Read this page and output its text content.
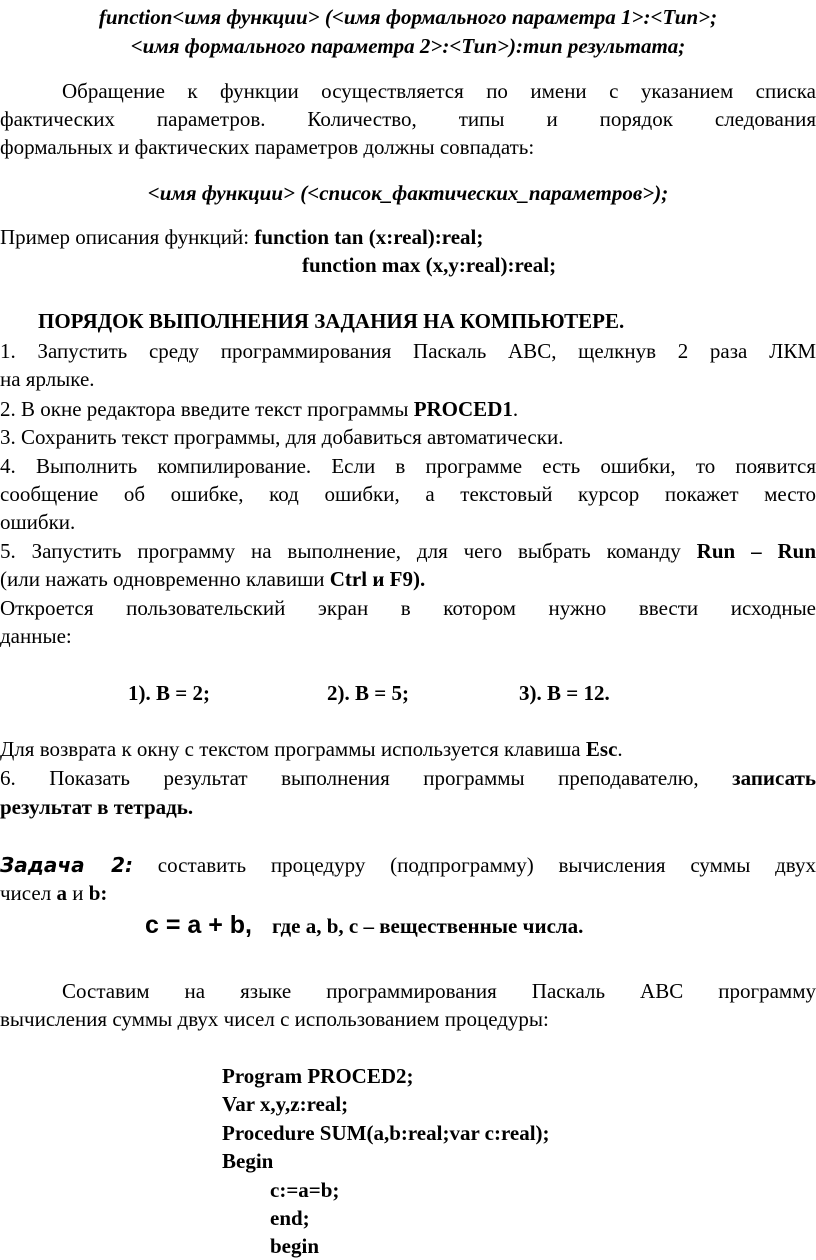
function<имя функции> (<имя формального параметра 1>:<Тип>;
<имя формального параметра 2>:<Тип>):тип результата;
Обращение к функции осуществляется по имени с указанием списка
фактических параметров. Количество, типы и порядок следования
формальных и фактических параметров должны совпадать:
<имя функции> (<список_фактических_параметров>);
Пример описания функций: function tan (x:real):real;
function max (x,y:real):real;
ПОРЯДОК ВЫПОЛНЕНИЯ ЗАДАНИЯ НА КОМПЬЮТЕРЕ.
1. Запустить среду программирования Паскаль АВС, щелкнув 2 раза ЛКМ
на ярлыке.
2. В окне редактора введите текст программы PROCED1.
3. Сохранить текст программы, для добавиться автоматически.
4. Выполнить компилирование. Если в программе есть ошибки, то появится
сообщение об ошибке, код ошибки, а текстовый курсор покажет место
ошибки.
5. Запустить программу на выполнение, для чего выбрать команду Run – Run
(или нажать одновременно клавиши Ctrl и F9).
Откроется пользовательский экран в котором нужно ввести исходные
данные:
1). B = 2;	2). B = 5;	3). B = 12.
Для возврата к окну с текстом программы используется клавиша Esc.
6. Показать результат выполнения программы преподавателю, записать
результат в тетрадь.
Задача 2: составить процедуру (подпрограмму) вычисления суммы двух
чисел а и b:
c = a + b, где a, b, c – вещественные числа.
Составим на языке программирования Паскаль АВС программу
вычисления суммы двух чисел с использованием процедуры:
Program PROCED2;
Var x,y,z:real;
Procedure SUM(a,b:real;var c:real);
Begin
c:=a=b;
end;
begin
